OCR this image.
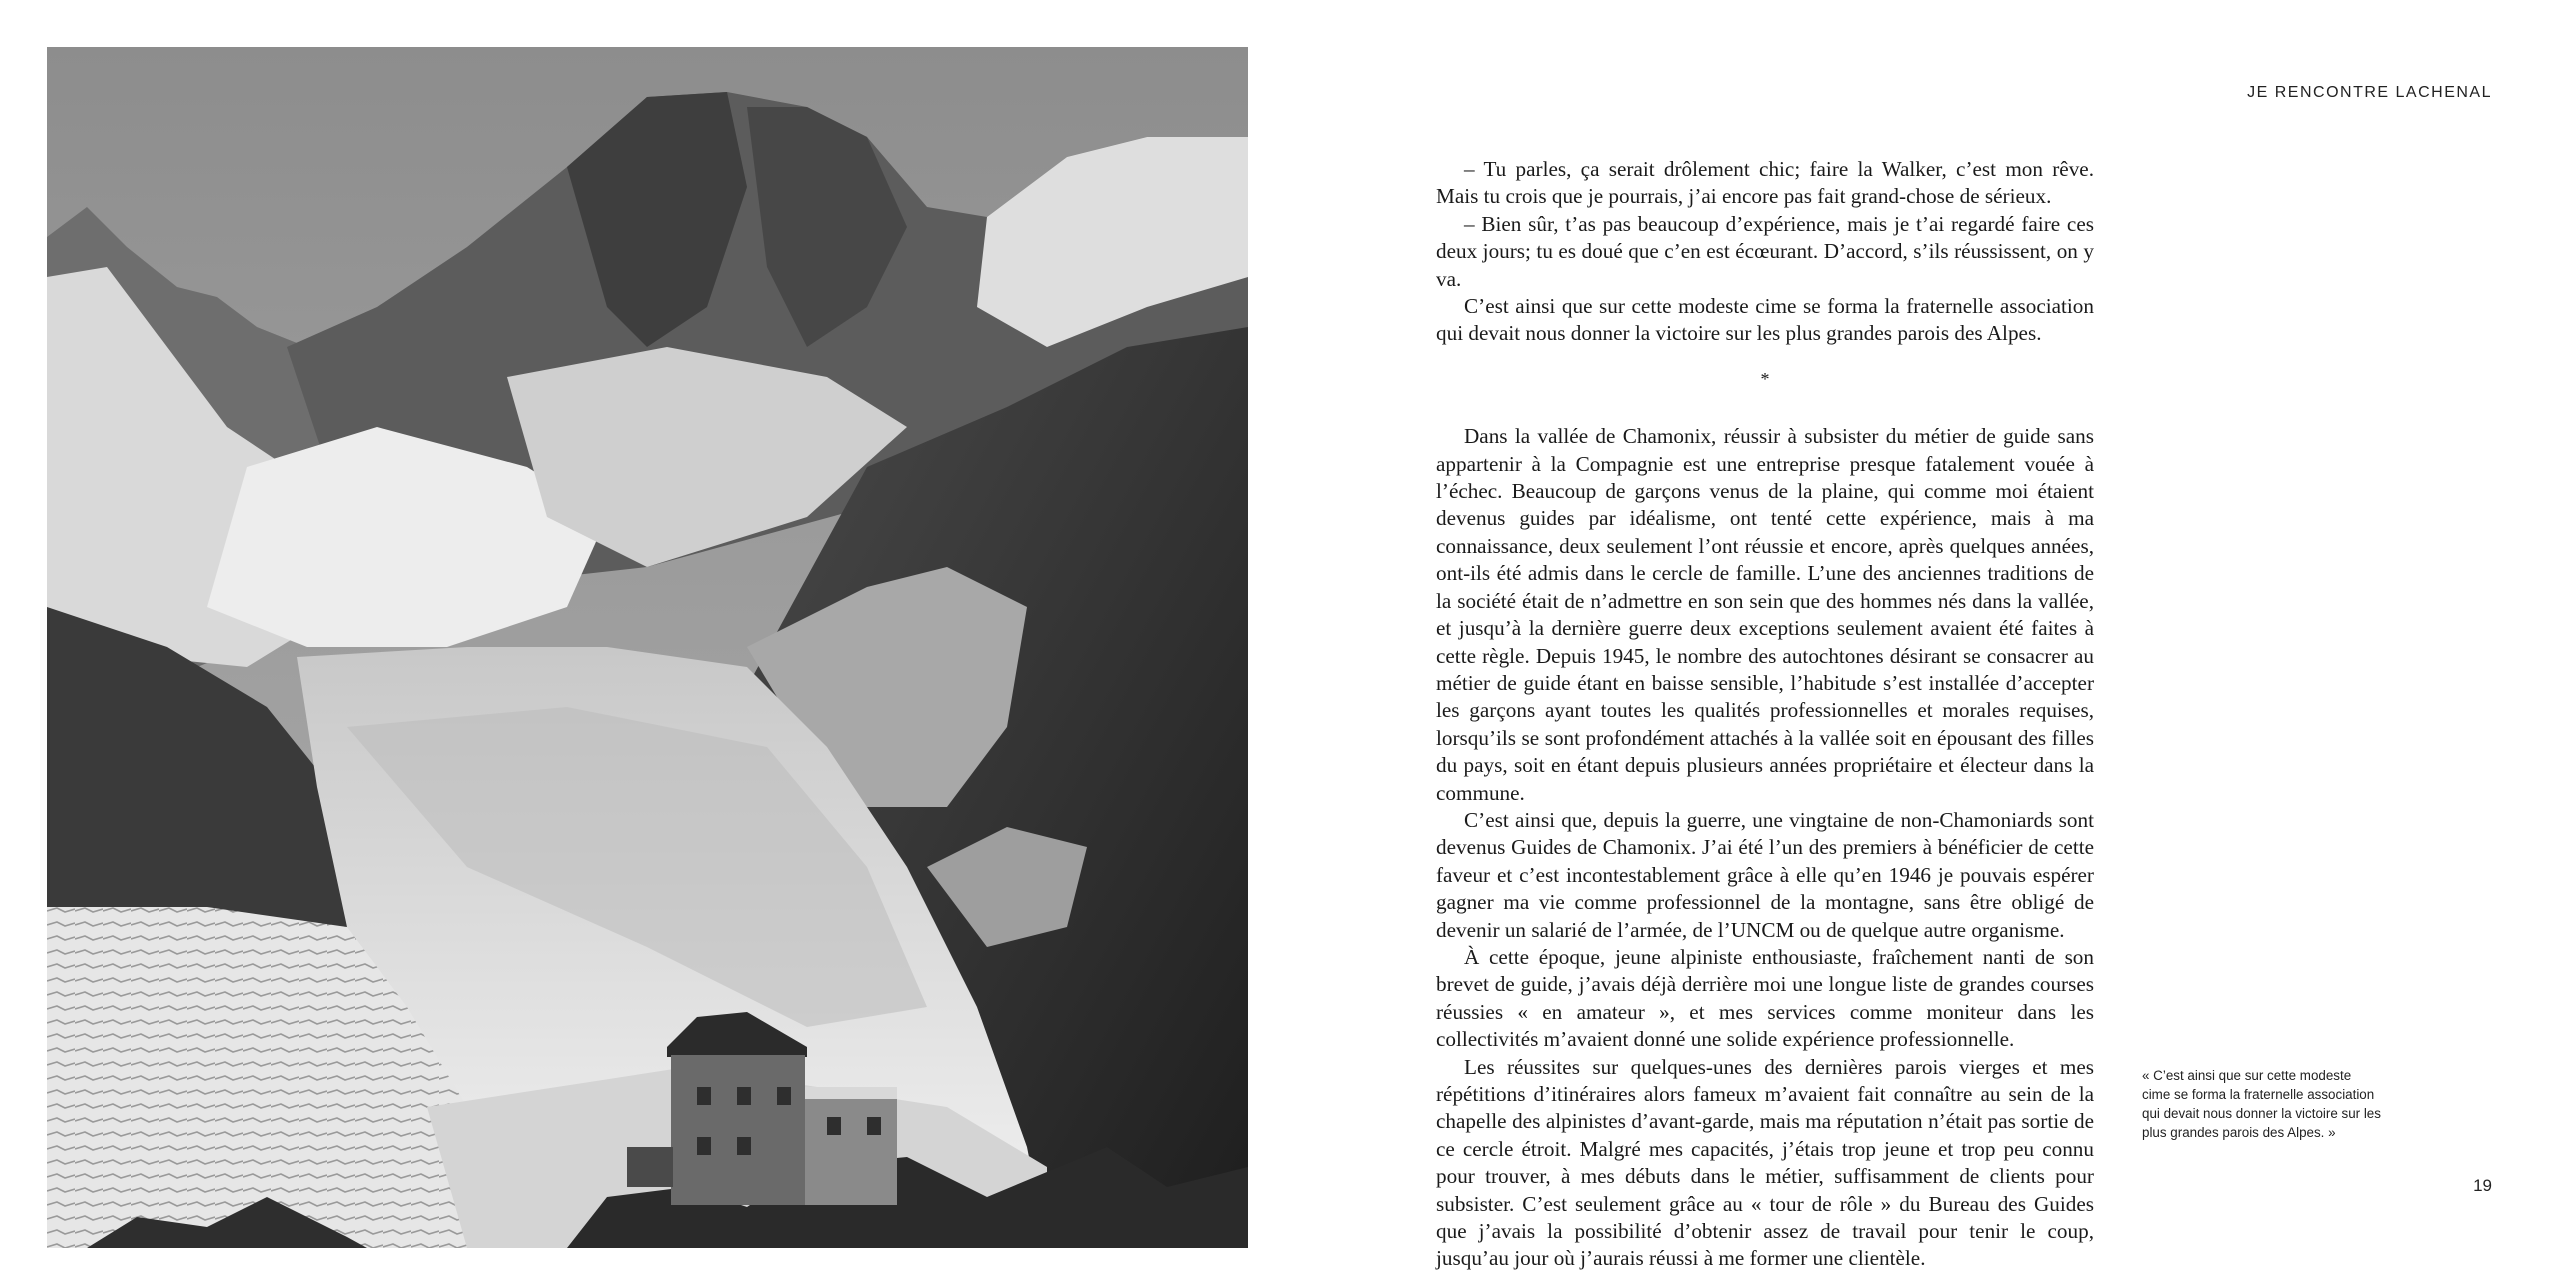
JE RENCONTRE LACHENAL

– Tu parles, ça serait drôlement chic; faire la Walker, c’est mon rêve. Mais tu crois que je pourrais, j’ai encore pas fait grand-chose de sérieux.

– Bien sûr, t’as pas beaucoup d’expérience, mais je t’ai regardé faire ces deux jours; tu es doué que c’en est écœurant. D’accord, s’ils réussissent, on y va.

C’est ainsi que sur cette modeste cime se forma la fraternelle association qui devait nous donner la victoire sur les plus grandes parois des Alpes.

*

Dans la vallée de Chamonix, réussir à subsister du métier de guide sans appartenir à la Compagnie est une entreprise presque fatalement vouée à l’échec. Beaucoup de garçons venus de la plaine, qui comme moi étaient devenus guides par idéalisme, ont tenté cette expérience, mais à ma connaissance, deux seulement l’ont réussie et encore, après quelques années, ont-ils été admis dans le cercle de famille. L’une des anciennes traditions de la société était de n’admettre en son sein que des hommes nés dans la vallée, et jusqu’à la dernière guerre deux exceptions seulement avaient été faites à cette règle. Depuis 1945, le nombre des autochtones désirant se consacrer au métier de guide étant en baisse sensible, l’habitude s’est installée d’accepter les garçons ayant toutes les qualités professionnelles et morales requises, lorsqu’ils se sont profondément attachés à la vallée soit en épousant des filles du pays, soit en étant depuis plusieurs années propriétaire et électeur dans la commune.

C’est ainsi que, depuis la guerre, une vingtaine de non-Chamoniards sont devenus Guides de Chamonix. J’ai été l’un des premiers à bénéficier de cette faveur et c’est incontestablement grâce à elle qu’en 1946 je pouvais espérer gagner ma vie comme professionnel de la montagne, sans être obligé de devenir un salarié de l’armée, de l’UNCM ou de quelque autre organisme.

À cette époque, jeune alpiniste enthousiaste, fraîchement nanti de son brevet de guide, j’avais déjà derrière moi une longue liste de grandes courses réussies « en amateur », et mes services comme moniteur dans les collectivités m’avaient donné une solide expérience professionnelle.

Les réussites sur quelques-unes des dernières parois vierges et mes répétitions d’itinéraires alors fameux m’avaient fait connaître au sein de la chapelle des alpinistes d’avant-garde, mais ma réputation n’était pas sortie de ce cercle étroit. Malgré mes capacités, j’étais trop jeune et trop peu connu pour trouver, à mes débuts dans le métier, suffisamment de clients pour subsister. C’est seulement grâce au « tour de rôle » du Bureau des Guides que j’avais la possibilité d’obtenir assez de travail pour tenir le coup, jusqu’au jour où j’aurais réussi à me former une clientèle.

« C’est ainsi que sur cette modeste cime se forma la fraternelle association qui devait nous donner la victoire sur les plus grandes parois des Alpes. »
19
